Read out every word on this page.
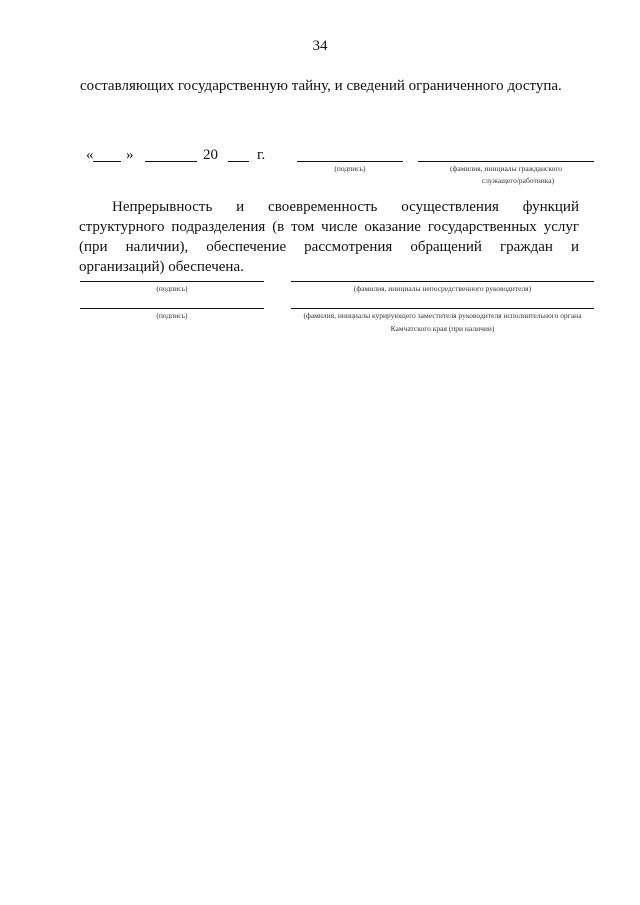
34
составляющих государственную тайну, и сведений ограниченного доступа.
« »	20	г.
(подпись)	(фамилия, инициалы гражданского
служащего/работника)
Непрерывность и своевременность осуществления функций структурного подразделения (в том числе оказание государственных услуг (при наличии), обеспечение рассмотрения обращений граждан и организаций) обеспечена.
(подпись)	(фамилия, инициалы непосредственного руководителя)
(подпись)	(фамилия, инициалы курирующего заместителя руководителя исполнительного органа
Камчатского края (при наличии)
